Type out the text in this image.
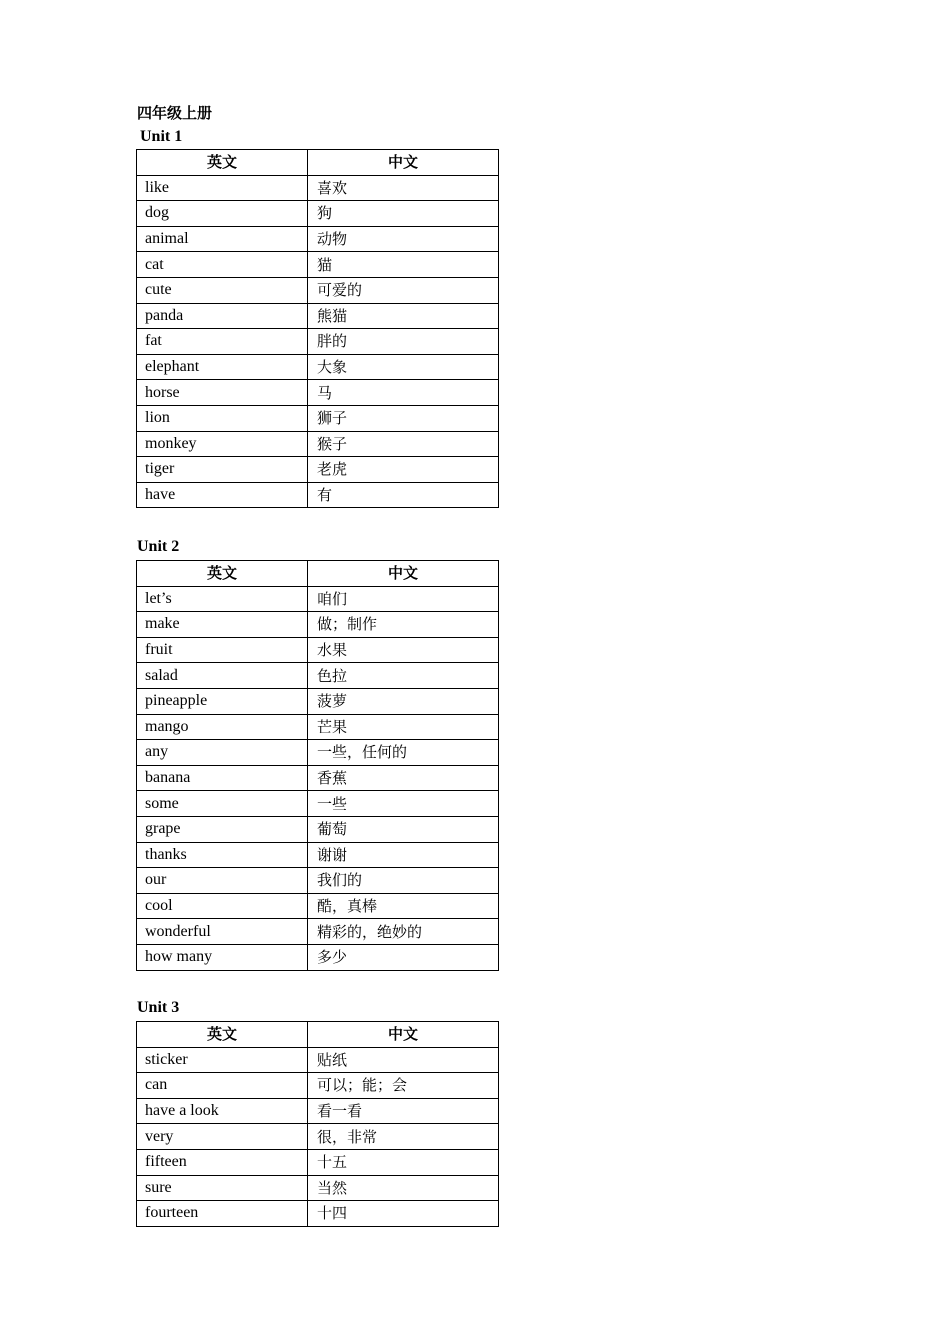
四年级上册
Unit 1
英文	中文
like	喜欢
dog	狗
animal	动物
cat	猫
cute	可爱的
panda	熊猫
fat	胖的
elephant	大象
horse	马
lion	狮子
monkey	猴子
tiger	老虎
have	有
Unit 2
英文	中文
let’s	咱们
make	做；制作
fruit	水果
salad	色拉
pineapple	菠萝
mango	芒果
any	一些，任何的
banana	香蕉
some	一些
grape	葡萄
thanks	谢谢
our	我们的
cool	酷，真棒
wonderful	精彩的，绝妙的
how many	多少
Unit 3
英文	中文
sticker	贴纸
can	可以；能；会
have a look	看一看
very	很，非常
fifteen	十五
sure	当然
fourteen	十四
